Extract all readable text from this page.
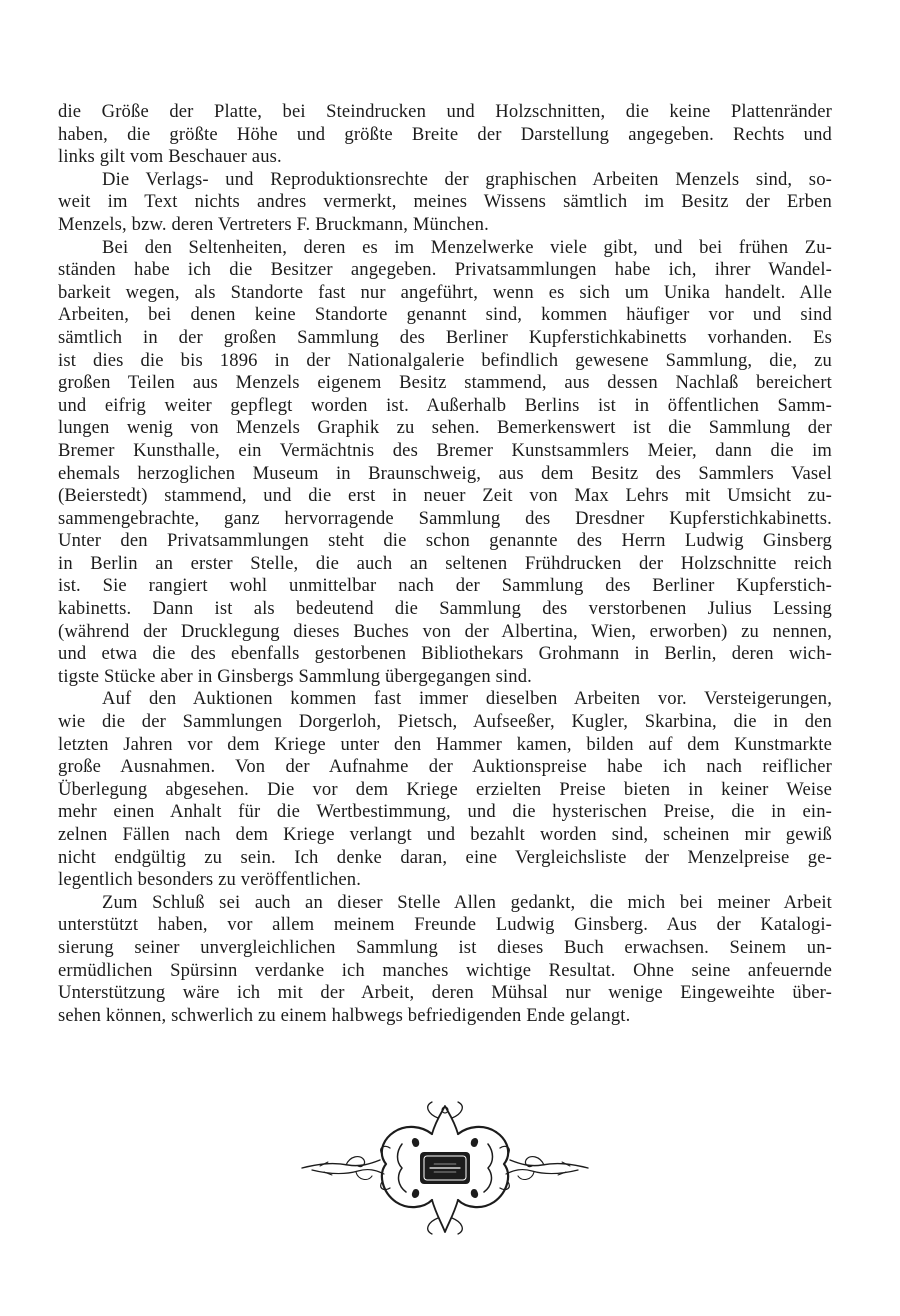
die Größe der Platte, bei Steindrucken und Holzschnitten, die keine Plattenränder
haben, die größte Höhe und größte Breite der Darstellung angegeben. Rechts und
links gilt vom Beschauer aus.

Die Verlags- und Reproduktionsrechte der graphischen Arbeiten Menzels sind, so-
weit im Text nichts andres vermerkt, meines Wissens sämtlich im Besitz der Erben
Menzels, bzw. deren Vertreters F. Bruckmann, München.

Bei den Seltenheiten, deren es im Menzelwerke viele gibt, und bei frühen Zu-
ständen habe ich die Besitzer angegeben. Privatsammlungen habe ich, ihrer Wandel-
barkeit wegen, als Standorte fast nur angeführt, wenn es sich um Unika handelt. Alle
Arbeiten, bei denen keine Standorte genannt sind, kommen häufiger vor und sind
sämtlich in der großen Sammlung des Berliner Kupferstichkabinetts vorhanden. Es
ist dies die bis 1896 in der Nationalgalerie befindlich gewesene Sammlung, die, zu
großen Teilen aus Menzels eigenem Besitz stammend, aus dessen Nachlaß bereichert
und eifrig weiter gepflegt worden ist. Außerhalb Berlins ist in öffentlichen Samm-
lungen wenig von Menzels Graphik zu sehen. Bemerkenswert ist die Sammlung der
Bremer Kunsthalle, ein Vermächtnis des Bremer Kunstsammlers Meier, dann die im
ehemals herzoglichen Museum in Braunschweig, aus dem Besitz des Sammlers Vasel
(Beierstedt) stammend, und die erst in neuer Zeit von Max Lehrs mit Umsicht zu-
sammengebrachte, ganz hervorragende Sammlung des Dresdner Kupferstichkabinetts.
Unter den Privatsammlungen steht die schon genannte des Herrn Ludwig Ginsberg
in Berlin an erster Stelle, die auch an seltenen Frühdrucken der Holzschnitte reich
ist. Sie rangiert wohl unmittelbar nach der Sammlung des Berliner Kupferstich-
kabinetts. Dann ist als bedeutend die Sammlung des verstorbenen Julius Lessing
(während der Drucklegung dieses Buches von der Albertina, Wien, erworben) zu nennen,
und etwa die des ebenfalls gestorbenen Bibliothekars Grohmann in Berlin, deren wich-
tigste Stücke aber in Ginsbergs Sammlung übergegangen sind.

Auf den Auktionen kommen fast immer dieselben Arbeiten vor. Versteigerungen,
wie die der Sammlungen Dorgerloh, Pietsch, Aufseeßer, Kugler, Skarbina, die in den
letzten Jahren vor dem Kriege unter den Hammer kamen, bilden auf dem Kunstmarkte
große Ausnahmen. Von der Aufnahme der Auktionspreise habe ich nach reiflicher
Überlegung abgesehen. Die vor dem Kriege erzielten Preise bieten in keiner Weise
mehr einen Anhalt für die Wertbestimmung, und die hysterischen Preise, die in ein-
zelnen Fällen nach dem Kriege verlangt und bezahlt worden sind, scheinen mir gewiß
nicht endgültig zu sein. Ich denke daran, eine Vergleichsliste der Menzelpreise ge-
legentlich besonders zu veröffentlichen.

Zum Schluß sei auch an dieser Stelle Allen gedankt, die mich bei meiner Arbeit
unterstützt haben, vor allem meinem Freunde Ludwig Ginsberg. Aus der Katalogi-
sierung seiner unvergleichlichen Sammlung ist dieses Buch erwachsen. Seinem un-
ermüdlichen Spürsinn verdanke ich manches wichtige Resultat. Ohne seine anfeuernde
Unterstützung wäre ich mit der Arbeit, deren Mühsal nur wenige Eingeweihte über-
sehen können, schwerlich zu einem halbwegs befriedigenden Ende gelangt.
